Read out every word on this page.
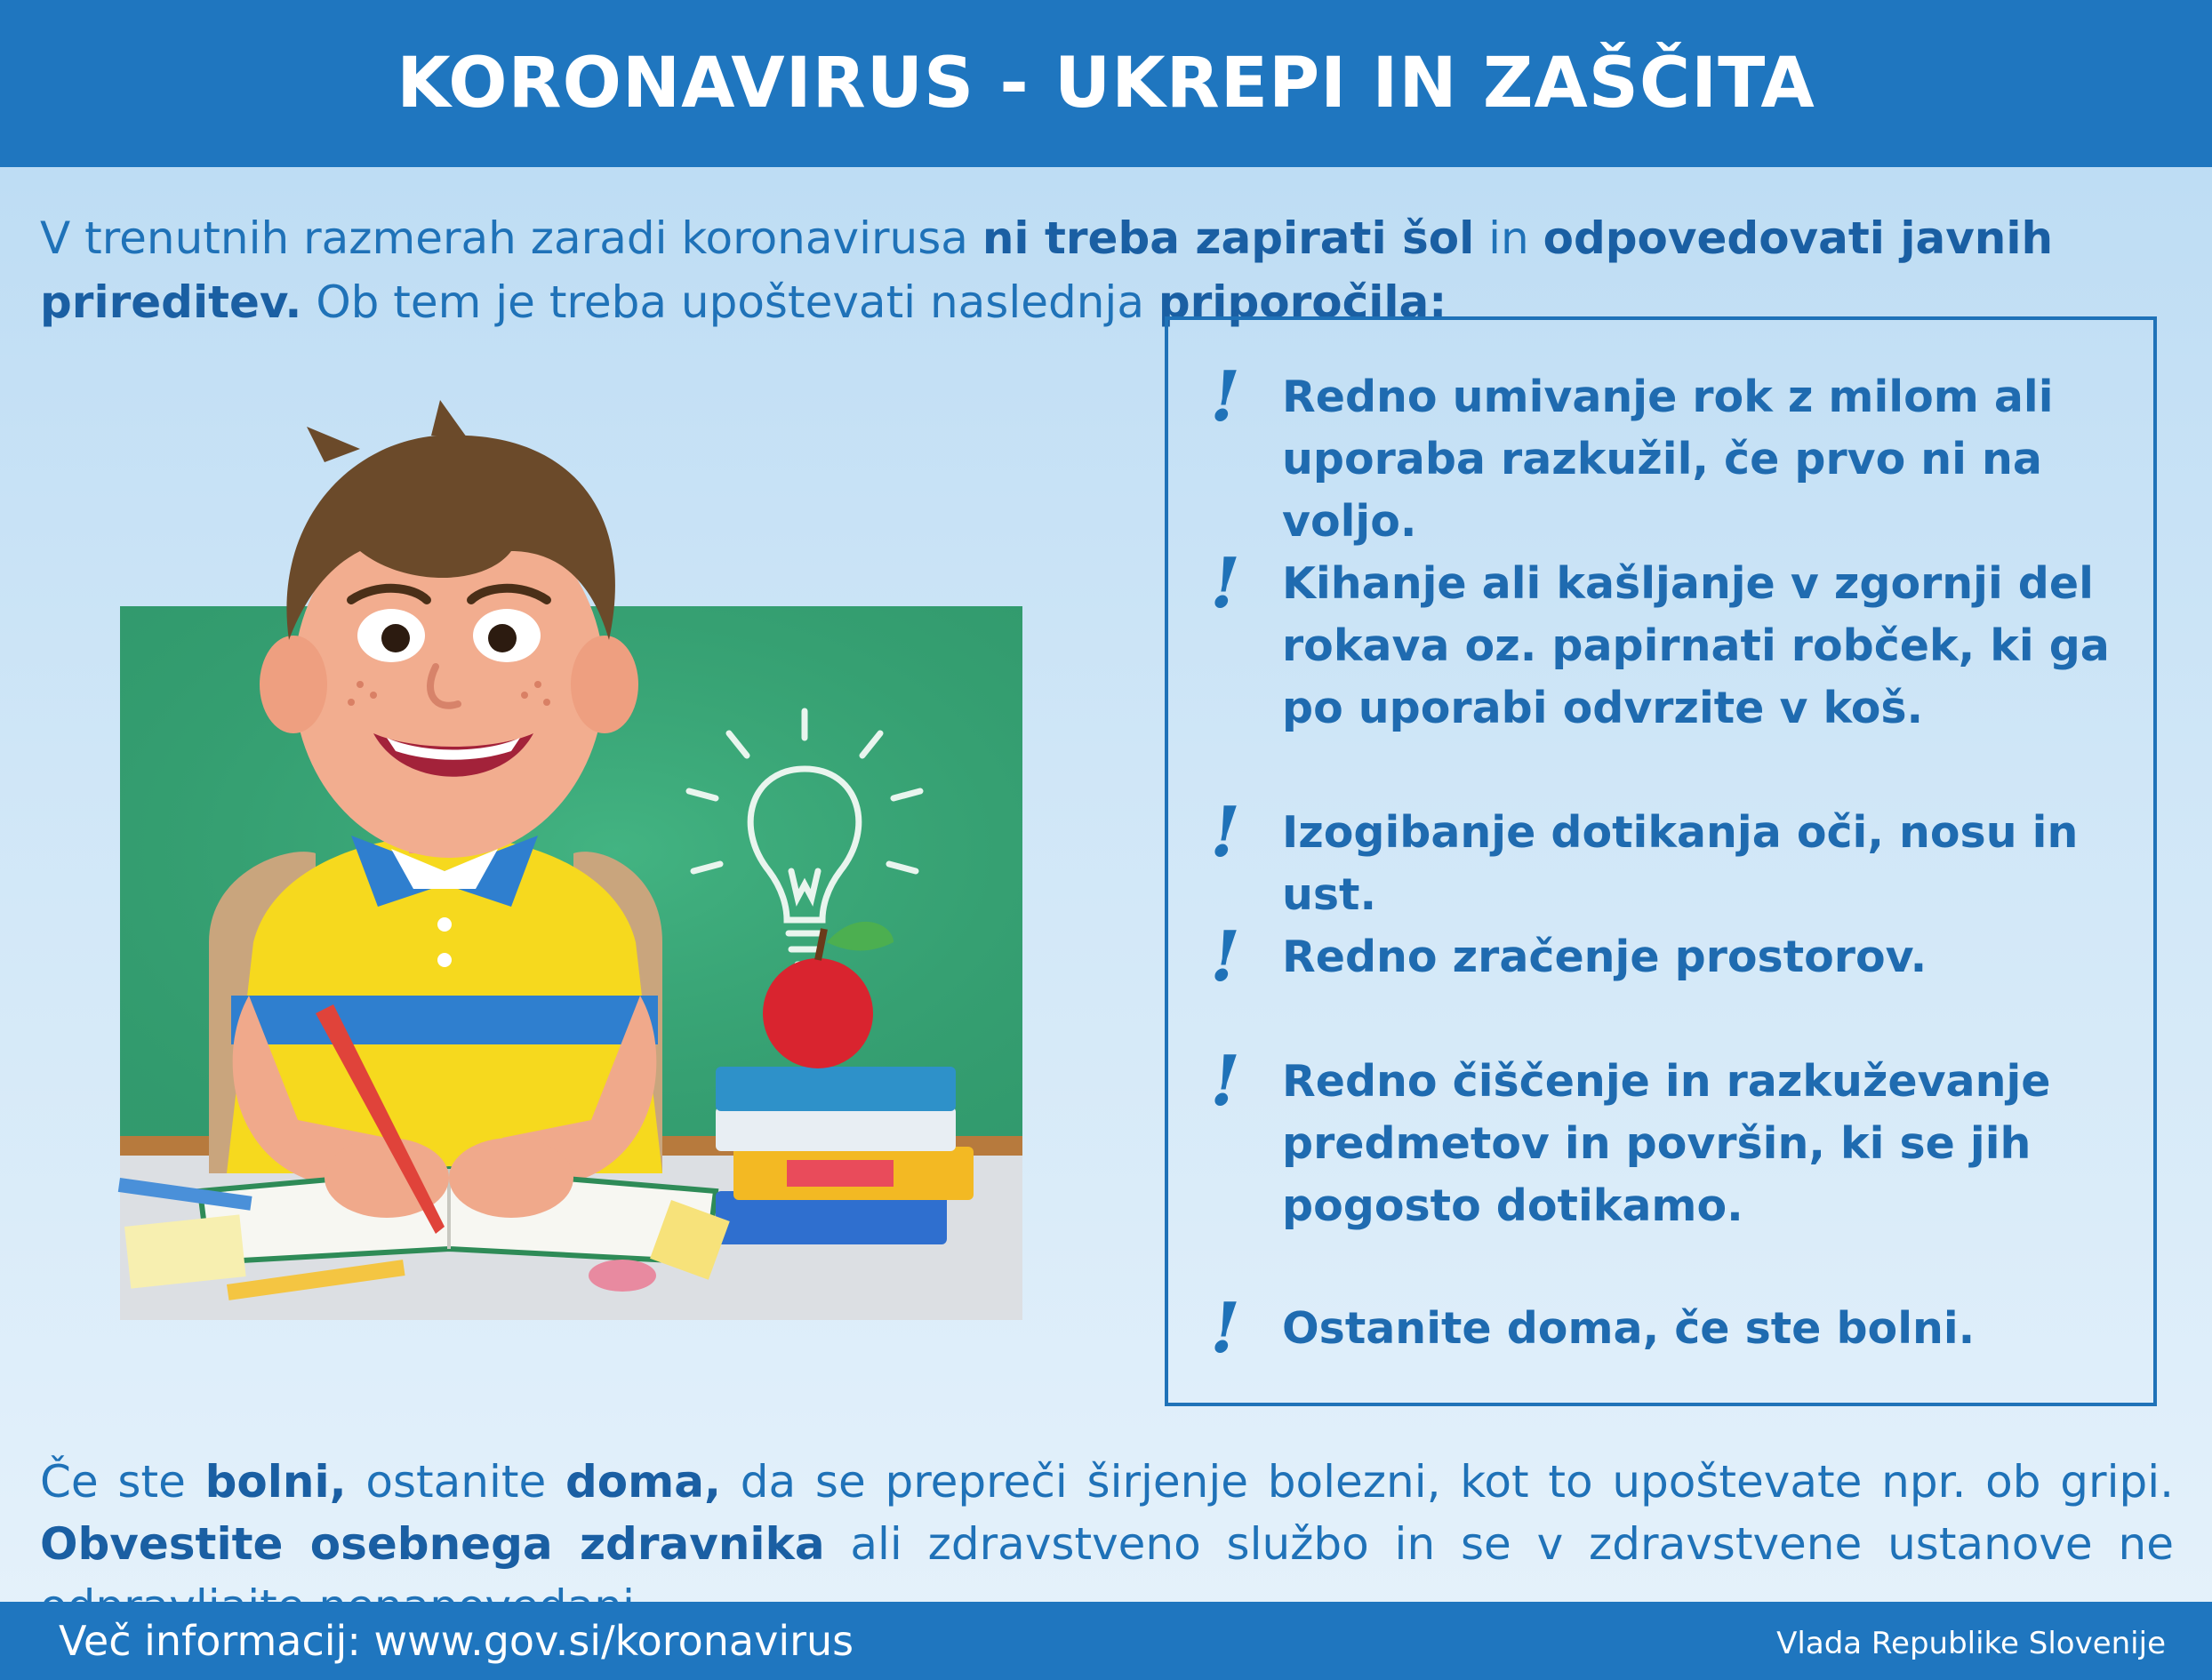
KORONAVIRUS - UKREPI IN ZAŠČITA
V trenutnih razmerah zaradi koronavirusa ni treba zapirati šol in odpovedovati javnih prireditev. Ob tem je treba upoštevati naslednja priporočila:
! Redno umivanje rok z milom ali uporaba razkužil, če prvo ni na voljo.
! Kihanje ali kašljanje v zgornji del rokava oz. papirnati robček, ki ga po uporabi odvrzite v koš.
! Izogibanje dotikanja oči, nosu in ust.
! Redno zračenje prostorov.
! Redno čiščenje in razkuževanje predmetov in površin, ki se jih pogosto dotikamo.
! Ostanite doma, če ste bolni.
Če ste bolni, ostanite doma, da se prepreči širjenje bolezni, kot to upoštevate npr. ob gripi. Obvestite osebnega zdravnika ali zdravstveno službo in se v zdravstvene ustanove ne
Več informacij: www.gov.si/koronavirus	Vlada Republike Slovenije
